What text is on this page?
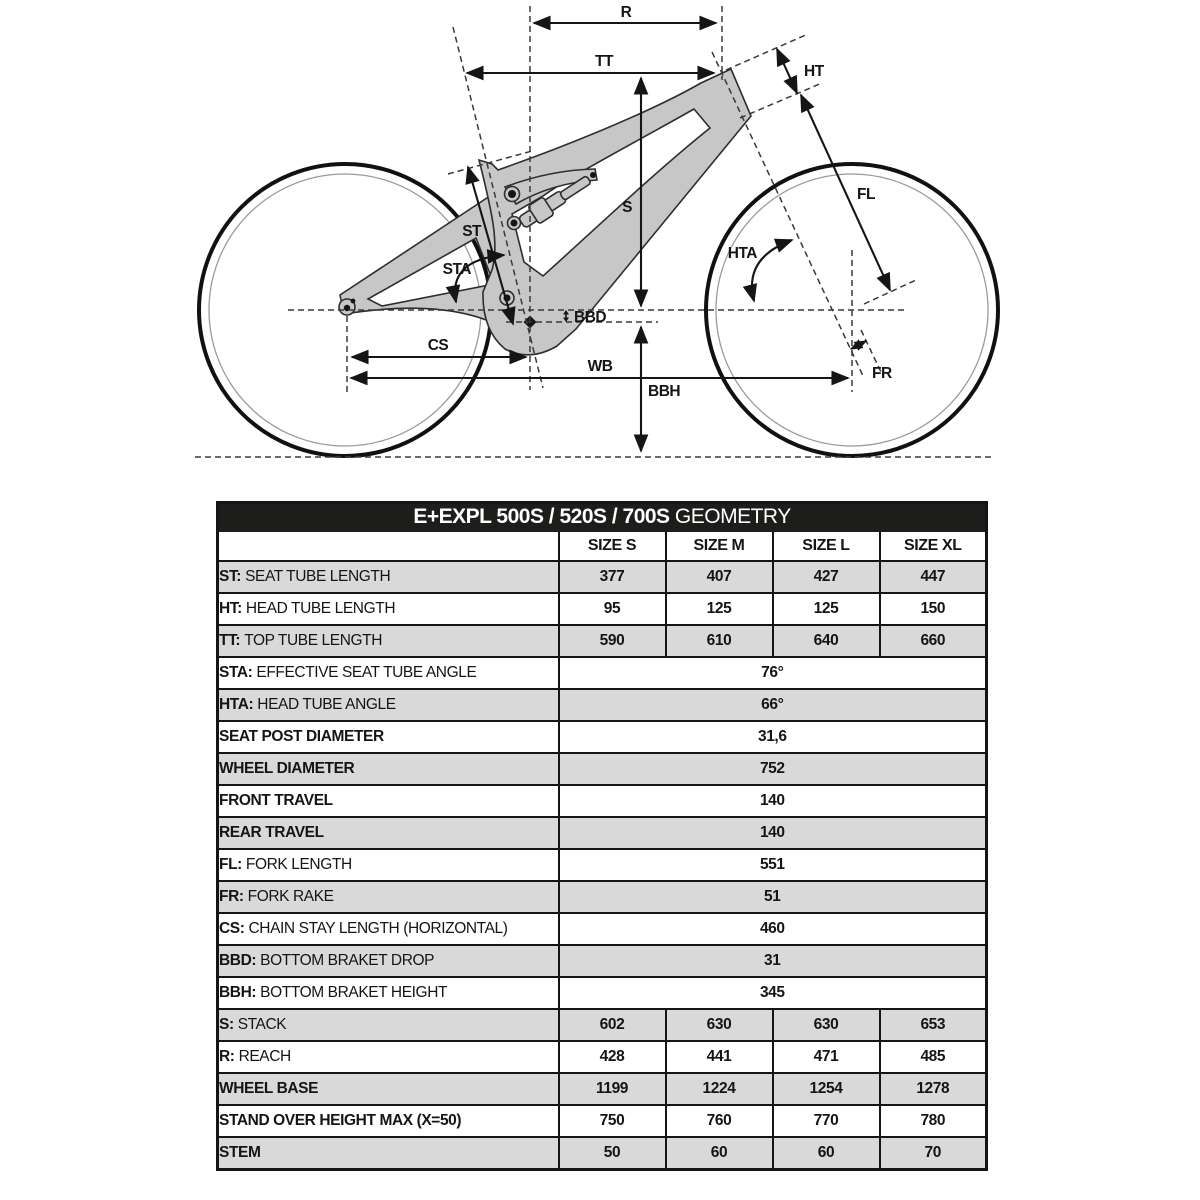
R
TT
HT
FL
S
ST
STA
HTA
BBD
CS
WB
BBH
FR
E+EXPL 500S / 520S / 700S GEOMETRY				
	SIZE S	SIZE M	SIZE L	SIZE XL
ST: SEAT TUBE LENGTH	377	407	427	447
HT: HEAD TUBE LENGTH	95	125	125	150
TT: TOP TUBE LENGTH	590	610	640	660
STA: EFFECTIVE SEAT TUBE ANGLE	76°			
HTA: HEAD TUBE ANGLE	66°			
SEAT POST DIAMETER	31,6			
WHEEL DIAMETER	752			
FRONT TRAVEL	140			
REAR TRAVEL	140			
FL: FORK LENGTH	551			
FR: FORK RAKE	51			
CS: CHAIN STAY LENGTH (HORIZONTAL)	460			
BBD: BOTTOM BRAKET DROP	31			
BBH: BOTTOM BRAKET HEIGHT	345			
S: STACK	602	630	630	653
R: REACH	428	441	471	485
WHEEL BASE	1199	1224	1254	1278
STAND OVER HEIGHT MAX (X=50)	750	760	770	780
STEM	50	60	60	70
